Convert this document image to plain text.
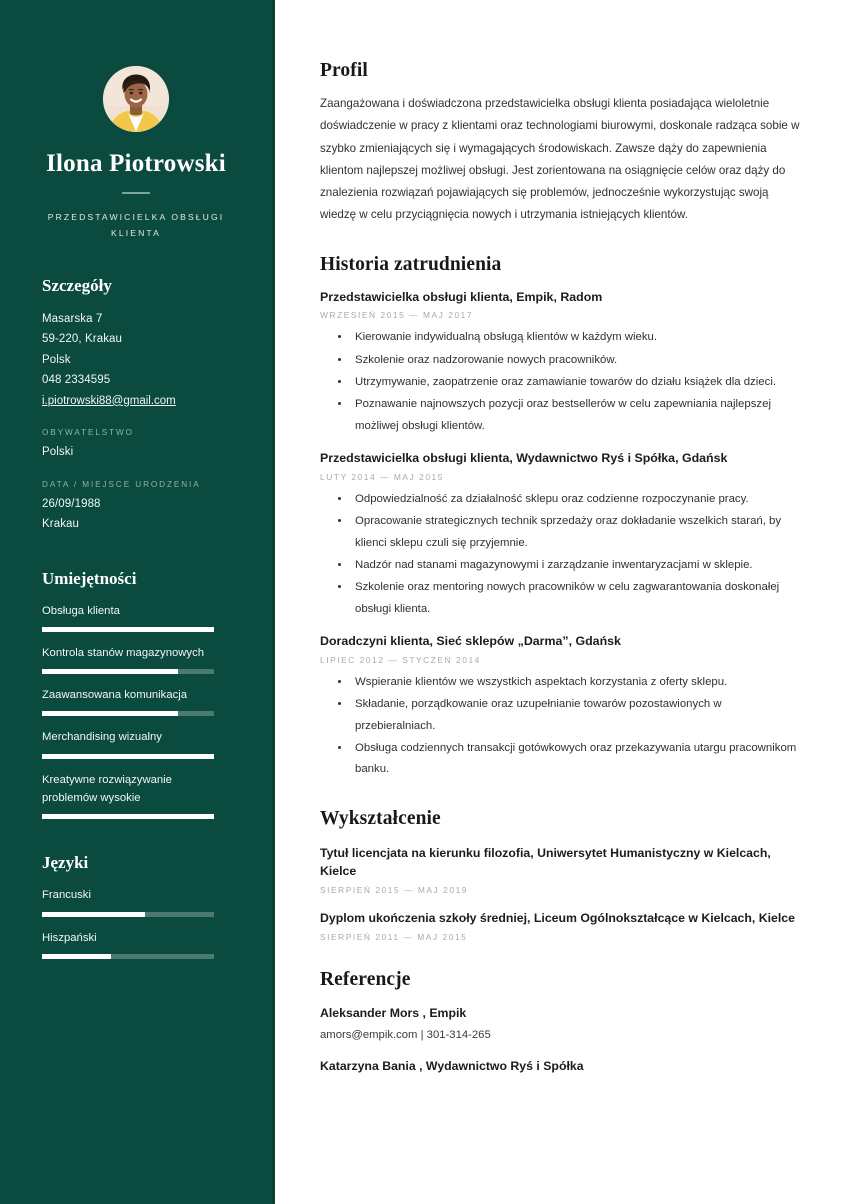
Ilona Piotrowski
PRZEDSTAWICIELKA OBSŁUGI KLIENTA
Szczegóły
Masarska 7
59-220, Krakau
Polsk
048 2334595
i.piotrowski88@gmail.com
OBYWATELSTWO
Polski
DATA / MIEJSCE URODZENIA
26/09/1988
Krakau
Umiejętności
Obsługa klienta
Kontrola stanów magazynowych
Zaawansowana komunikacja
Merchandising wizualny
Kreatywne rozwiązywanie problemów wysokie
Języki
Francuski
Hiszpański
Profil

Zaangażowana i doświadczona przedstawicielka obsługi klienta posiadająca wieloletnie doświadczenie w pracy z klientami oraz technologiami biurowymi, doskonale radząca sobie w szybko zmieniających się i wymagających środowiskach. Zawsze dąży do zapewnienia klientom najlepszej możliwej obsługi. Jest zorientowana na osiągnięcie celów oraz dąży do znalezienia rozwiązań pojawiających się problemów, jednocześnie wykorzystując swoją wiedzę w celu przyciągnięcia nowych i utrzymania istniejących klientów.

Historia zatrudnienia
Przedstawicielka obsługi klienta, Empik, Radom
WRZESIEŃ 2015 — MAJ 2017
• Kierowanie indywidualną obsługą klientów w każdym wieku.
• Szkolenie oraz nadzorowanie nowych pracowników.
• Utrzymywanie, zaopatrzenie oraz zamawianie towarów do działu książek dla dzieci.
• Poznawanie najnowszych pozycji oraz bestsellerów w celu zapewniania najlepszej możliwej obsługi klientów.
Przedstawicielka obsługi klienta, Wydawnictwo Ryś i Spółka, Gdańsk
LUTY 2014 — MAJ 2015
• Odpowiedzialność za działalność sklepu oraz codzienne rozpoczynanie pracy.
• Opracowanie strategicznych technik sprzedaży oraz dokładanie wszelkich starań, by klienci sklepu czuli się przyjemnie.
• Nadzór nad stanami magazynowymi i zarządzanie inwentaryzacjami w sklepie.
• Szkolenie oraz mentoring nowych pracowników w celu zagwarantowania doskonałej obsługi klienta.
Doradczyni klienta, Sieć sklepów „Darma”, Gdańsk
LIPIEC 2012 — STYCZEŃ 2014
• Wspieranie klientów we wszystkich aspektach korzystania z oferty sklepu.
• Składanie, porządkowanie oraz uzupełnianie towarów pozostawionych w przebieralniach.
• Obsługa codziennych transakcji gotówkowych oraz przekazywania utargu pracownikom banku.
Wykształcenie
Tytuł licencjata na kierunku filozofia, Uniwersytet Humanistyczny w Kielcach, Kielce
SIERPIEŃ 2015 — MAJ 2019
Dyplom ukończenia szkoły średniej, Liceum Ogólnokształcące w Kielcach, Kielce
SIERPIEŃ 2011 — MAJ 2015
Referencje
Aleksander Mors , Empik
amors@empik.com | 301-314-265
Katarzyna Bania , Wydawnictwo Ryś i Spółka
